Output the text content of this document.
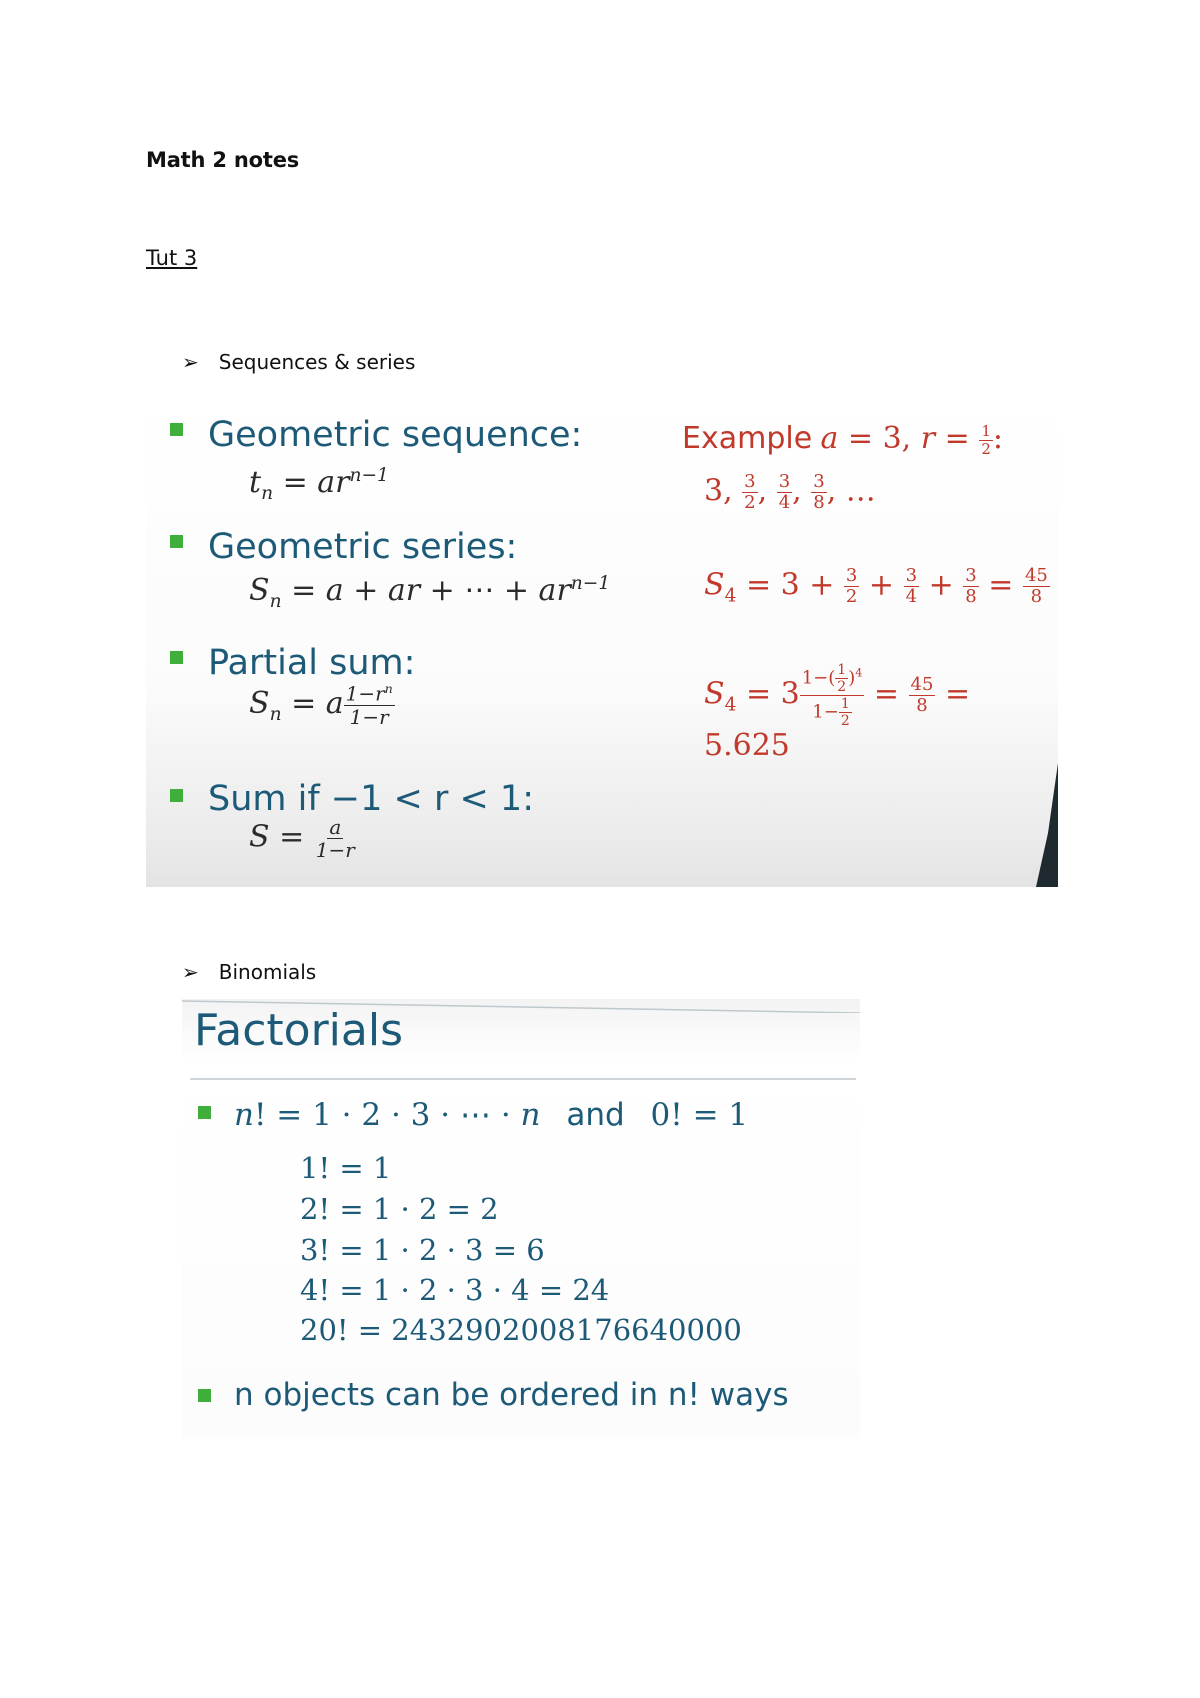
Math 2 notes
Tut 3
➢ Sequences & series
Geometric sequence:
$t_n = ar^{n-1}$
Geometric series:
$S_n = a$ + ar + ⋯ + $ar^{n-1}$
Partial sum:
$S_n = a \frac{1-r^n}{1-r}$
Sum if −1 < r < 1:
$S = \frac{a}{1-r}$
Example a = 3, $r = \frac{1}{2}$ :
3, $\frac{3}{2}$ , $\frac{3}{4}$ , $\frac{3}{8}$ , …
$S_4 = 3 + \frac{3}{2} + \frac{3}{4} + \frac{3}{8} = \frac{45}{8}$
$S_4 = 3 \frac{1-( \frac{1}{2} )^4}{1- \frac{1}{2}} = \frac{45}{8} = 5.625$
➢ Binomials
Factorials
n! = 1 · 2 · 3 · ⋯ · n and 0! = 1
1! = 1
2! = 1 · 2 = 2
3! = 1 · 2 · 3 = 6
4! = 1 · 2 · 3 · 4 = 24
20! = 2432902008176640000
n objects can be ordered in n! ways
